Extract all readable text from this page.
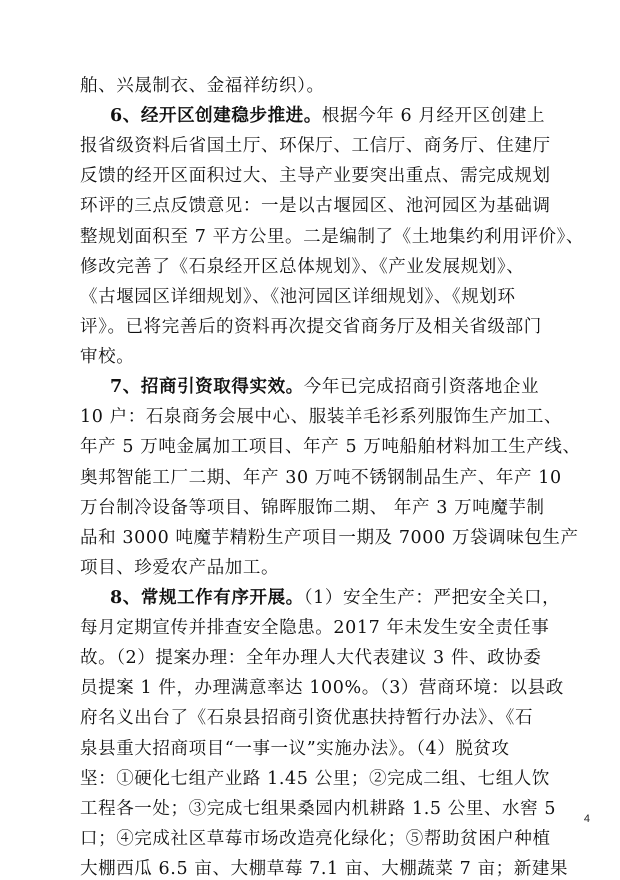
舶、兴晟制衣、金福祥纺织）。
6、经开区创建稳步推进。根据今年 6 月经开区创建上
报省级资料后省国土厅、环保厅、工信厅、商务厅、住建厅
反馈的经开区面积过大、主导产业要突出重点、需完成规划
环评的三点反馈意见：一是以古堰园区、池河园区为基础调
整规划面积至 7 平方公里。二是编制了《土地集约利用评价》、
修改完善了《石泉经开区总体规划》、《产业发展规划》、
《古堰园区详细规划》、《池河园区详细规划》、《规划环
评》。已将完善后的资料再次提交省商务厅及相关省级部门
审校。
7、招商引资取得实效。今年已完成招商引资落地企业
10 户：石泉商务会展中心、服装羊毛衫系列服饰生产加工、
年产 5 万吨金属加工项目、年产 5 万吨船舶材料加工生产线、
奥邦智能工厂二期、年产 30 万吨不锈钢制品生产、年产 10
万台制冷设备等项目、锦晖服饰二期、 年产 3 万吨魔芋制
品和 3000 吨魔芋精粉生产项目一期及 7000 万袋调味包生产
项目、珍爱农产品加工。
8、常规工作有序开展。（1）安全生产：严把安全关口，
每月定期宣传并排查安全隐患。2017 年未发生安全责任事
故。（2）提案办理：全年办理人大代表建议 3 件、政协委
员提案 1 件，办理满意率达 100%。（3）营商环境：以县政
府名义出台了《石泉县招商引资优惠扶持暂行办法》、《石
泉县重大招商项目“一事一议”实施办法》。（4）脱贫攻
坚：①硬化七组产业路 1.45 公里；②完成二组、七组人饮
工程各一处；③完成七组果桑园内机耕路 1.5 公里、水窖 5
口；④完成社区草莓市场改造亮化绿化；⑤帮助贫困户种植
大棚西瓜 6.5 亩、大棚草莓 7.1 亩、大棚蔬菜 7 亩；新建果
4
